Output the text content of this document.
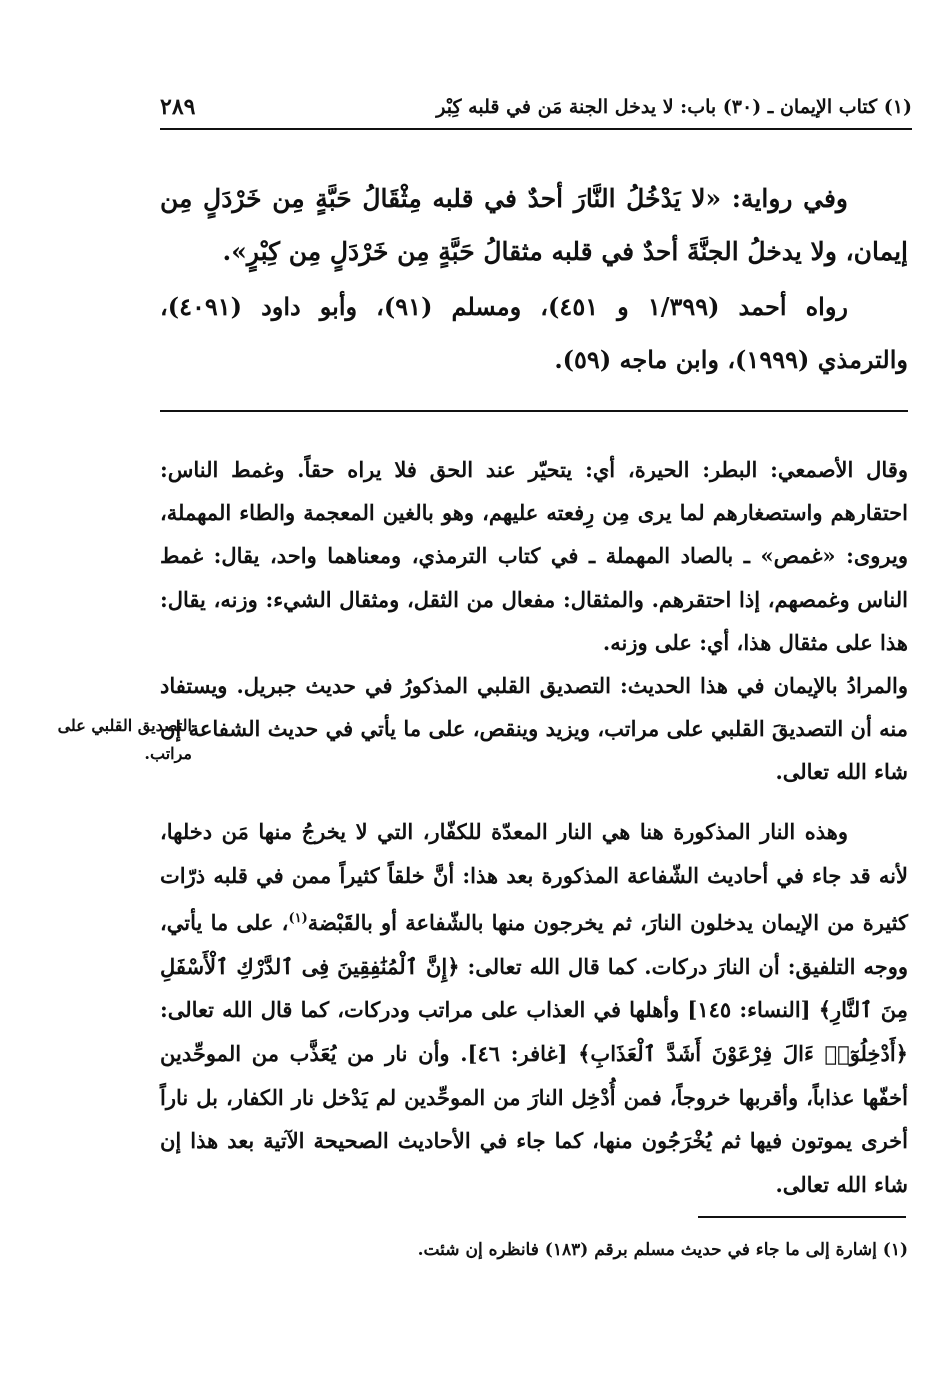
(١) كتاب الإيمان ـ (٣٠) باب: لا يدخل الجنة مَن في قلبه كِبْر
٢٨٩

وفي رواية: «لا يَدْخُلُ النَّارَ أحدٌ في قلبه مِثْقَالُ حَبَّةٍ مِن خَرْدَلٍ مِن إيمان، ولا يدخلُ الجنَّةَ أحدٌ في قلبه مثقالُ حَبَّةٍ مِن خَرْدَلٍ مِن كِبْرٍ».

رواه أحمد (١/٣٩٩ و ٤٥١)، ومسلم (٩١)، وأبو داود (٤٠٩١)، والترمذي (١٩٩٩)، وابن ماجه (٥٩).

وقال الأصمعي: البطر: الحيرة، أي: يتحيّر عند الحق فلا يراه حقاً. وغمط الناس: احتقارهم واستصغارهم لما يرى مِن رِفعته عليهم، وهو بالغين المعجمة والطاء المهملة، ويروى: «غمص» ـ بالصاد المهملة ـ في كتاب الترمذي، ومعناهما واحد، يقال: غمط الناس وغمصهم، إذا احتقرهم. والمثقال: مفعال من الثقل، ومثقال الشيء: وزنه، يقال: هذا على مثقال هذا، أي: على وزنه.

والمرادُ بالإيمان في هذا الحديث: التصديق القلبي المذكورُ في حديث جبريل. ويستفاد منه أن التصديقَ القلبي على مراتب، ويزيد وينقص، على ما يأتي في حديث الشفاعة إن شاء الله تعالى.

التصديق القلبي على مراتب.

وهذه النار المذكورة هنا هي النار المعدّة للكفّار، التي لا يخرجُ منها مَن دخلها، لأنه قد جاء في أحاديث الشّفاعة المذكورة بعد هذا: أنَّ خلقاً كثيراً ممن في قلبه ذرّات كثيرة من الإيمان يدخلون النارَ، ثم يخرجون منها بالشّفاعة أو بالقَبْضة$^{(١)}$، على ما يأتي، ووجه التلفيق: أن النارَ دركات. كما قال الله تعالى: ﴿إِنَّ ٱلْمُنَٰفِقِينَ فِى ٱلدَّرْكِ ٱلْأَسْفَلِ مِنَ ٱلنَّارِ﴾ [النساء: ١٤٥] وأهلها في العذاب على مراتب ودركات، كما قال الله تعالى: ﴿أَدْخِلُوٓا۟ ءَالَ فِرْعَوْنَ أَشَدَّ ٱلْعَذَابِ﴾ [غافر: ٤٦]. وأن نار من يُعَذَّب من الموحِّدين أخفّها عذاباً، وأقربها خروجاً، فمن أُدْخِل النارَ من الموحِّدين لم يَدْخل نار الكفار، بل ناراً أخرى يموتون فيها ثم يُخْرَجُون منها، كما جاء في الأحاديث الصحيحة الآتية بعد هذا إن شاء الله تعالى.

(١) إشارة إلى ما جاء في حديث مسلم برقم (١٨٣) فانظره إن شئت.
